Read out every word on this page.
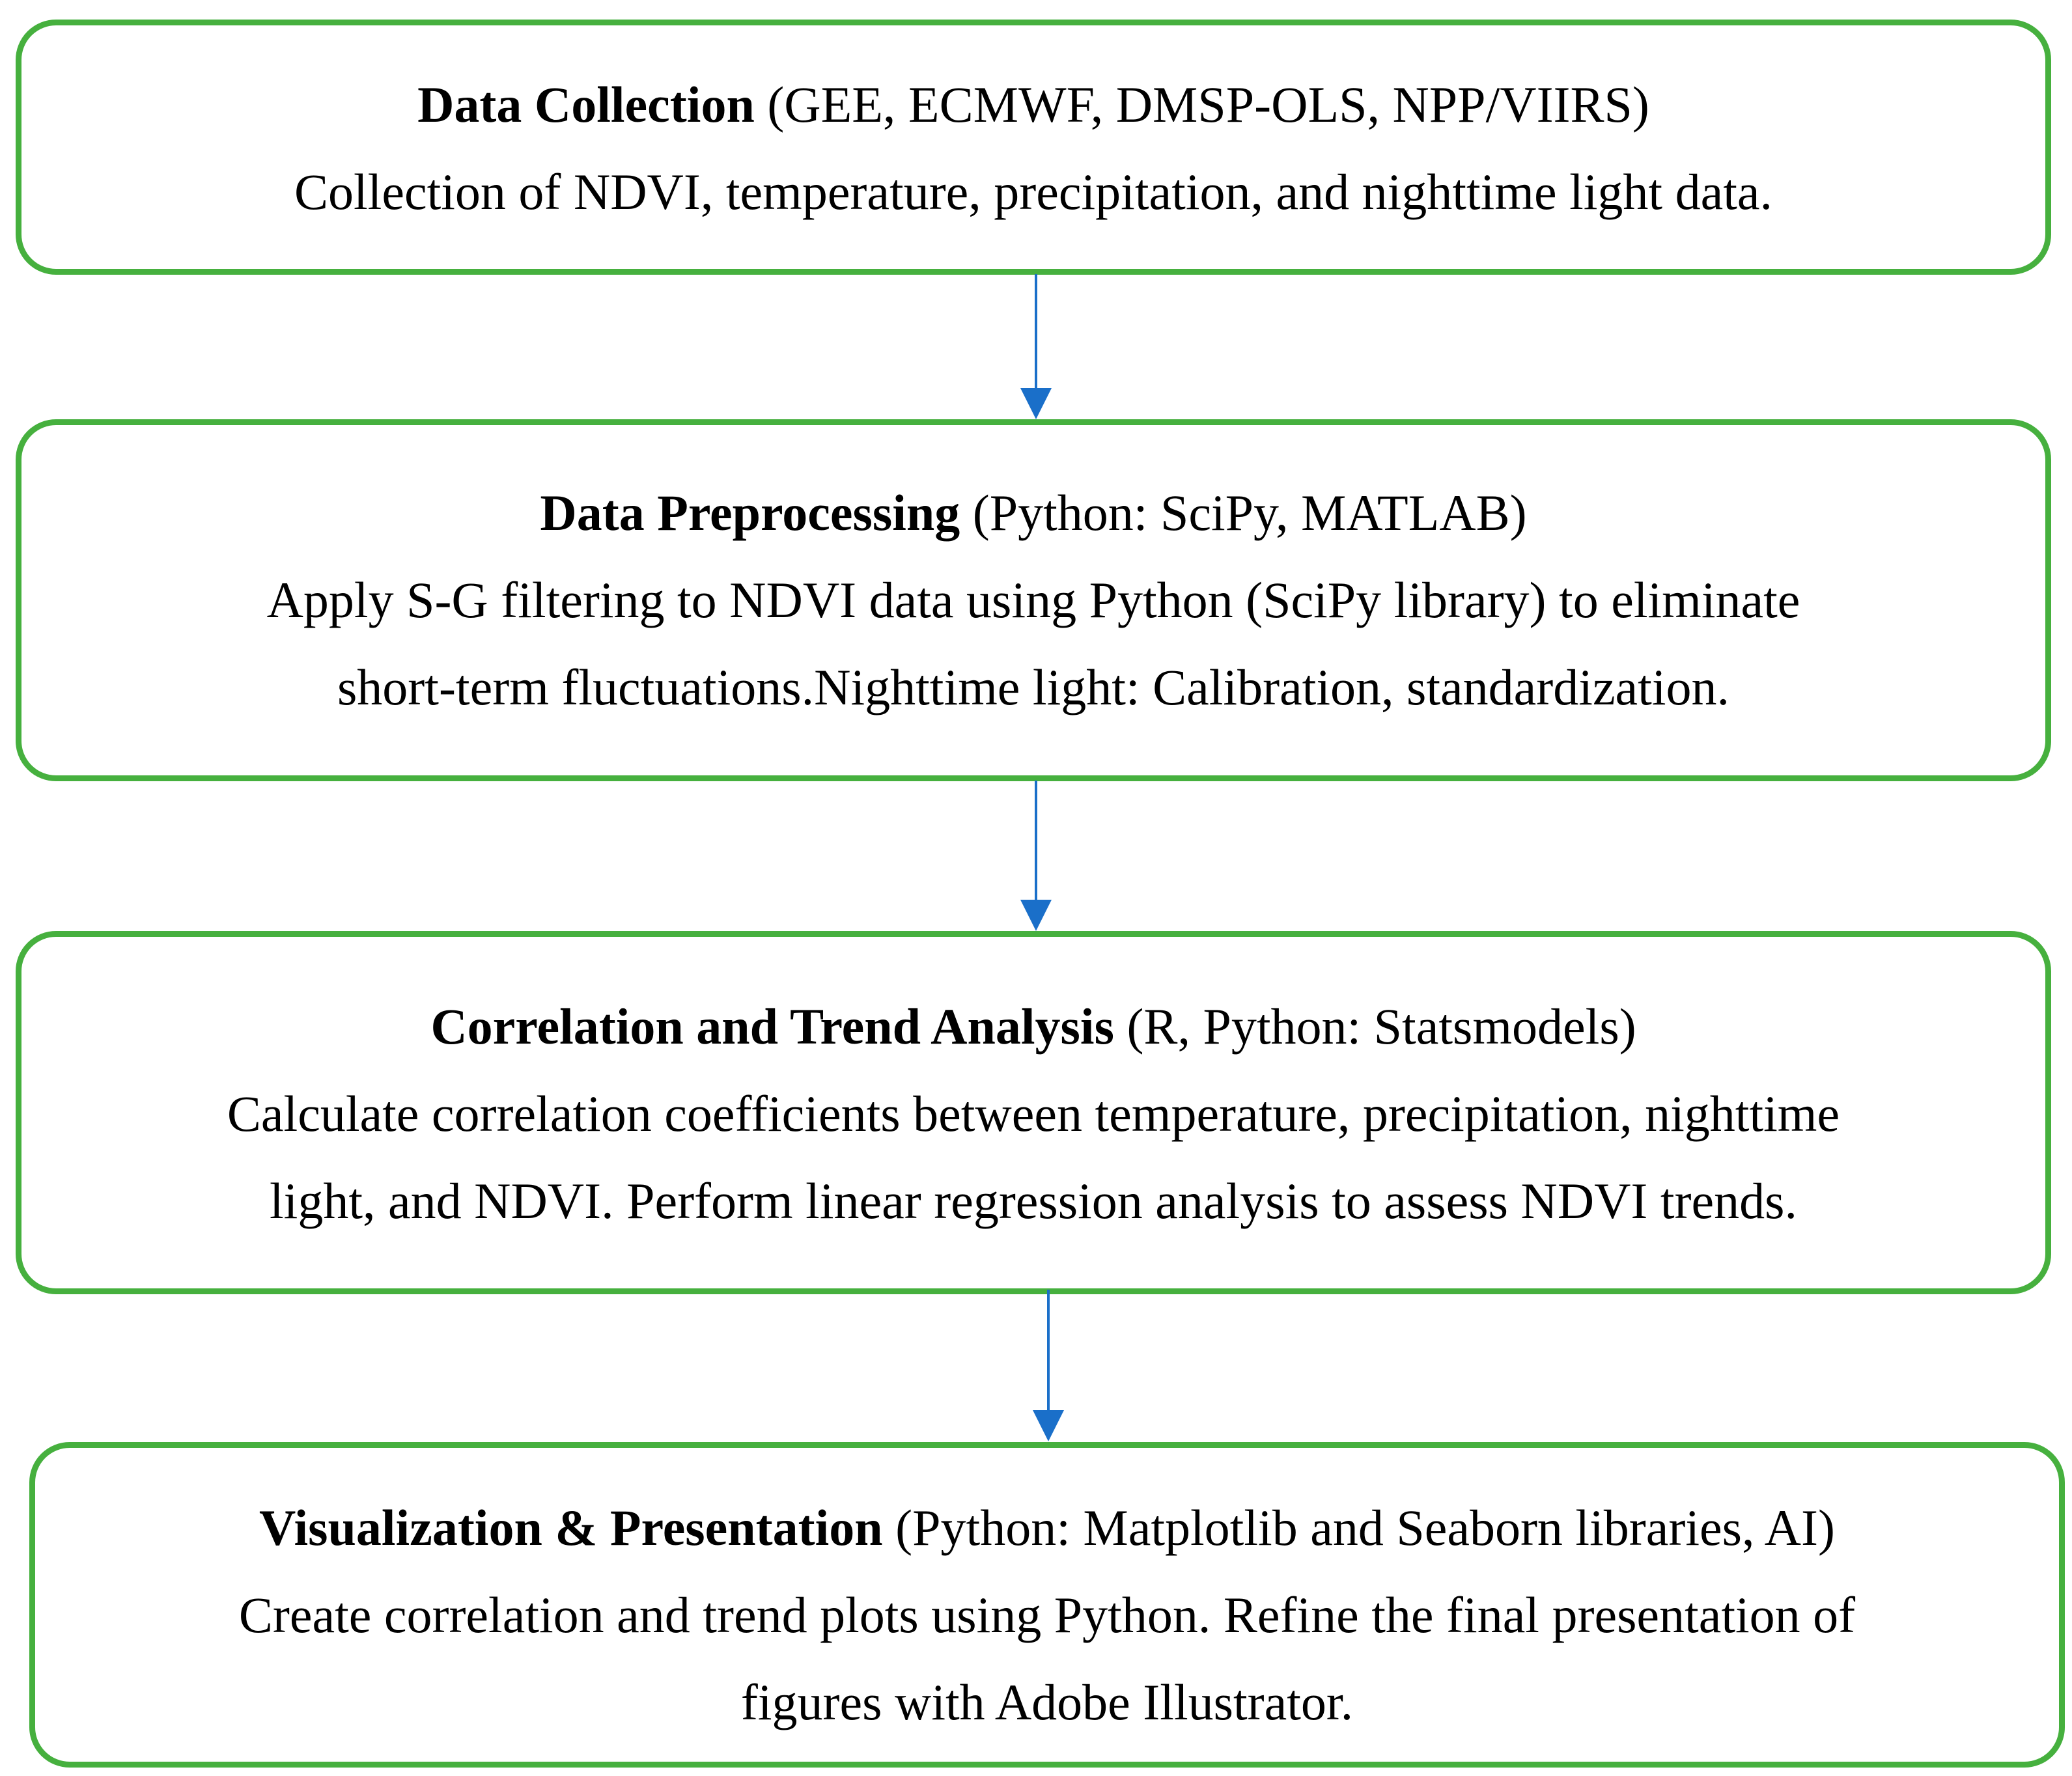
Data Collection (GEE, ECMWF, DMSP-OLS, NPP/VIIRS)
Collection of NDVI, temperature, precipitation, and nighttime light data.
Data Preprocessing (Python: SciPy, MATLAB)
Apply S-G filtering to NDVI data using Python (SciPy library) to eliminate
short-term fluctuations.Nighttime light: Calibration, standardization.
Correlation and Trend Analysis (R, Python: Statsmodels)
Calculate correlation coefficients between temperature, precipitation, nighttime
light, and NDVI. Perform linear regression analysis to assess NDVI trends.
Visualization & Presentation (Python: Matplotlib and Seaborn libraries, AI)
Create correlation and trend plots using Python. Refine the final presentation of
figures with Adobe Illustrator.
